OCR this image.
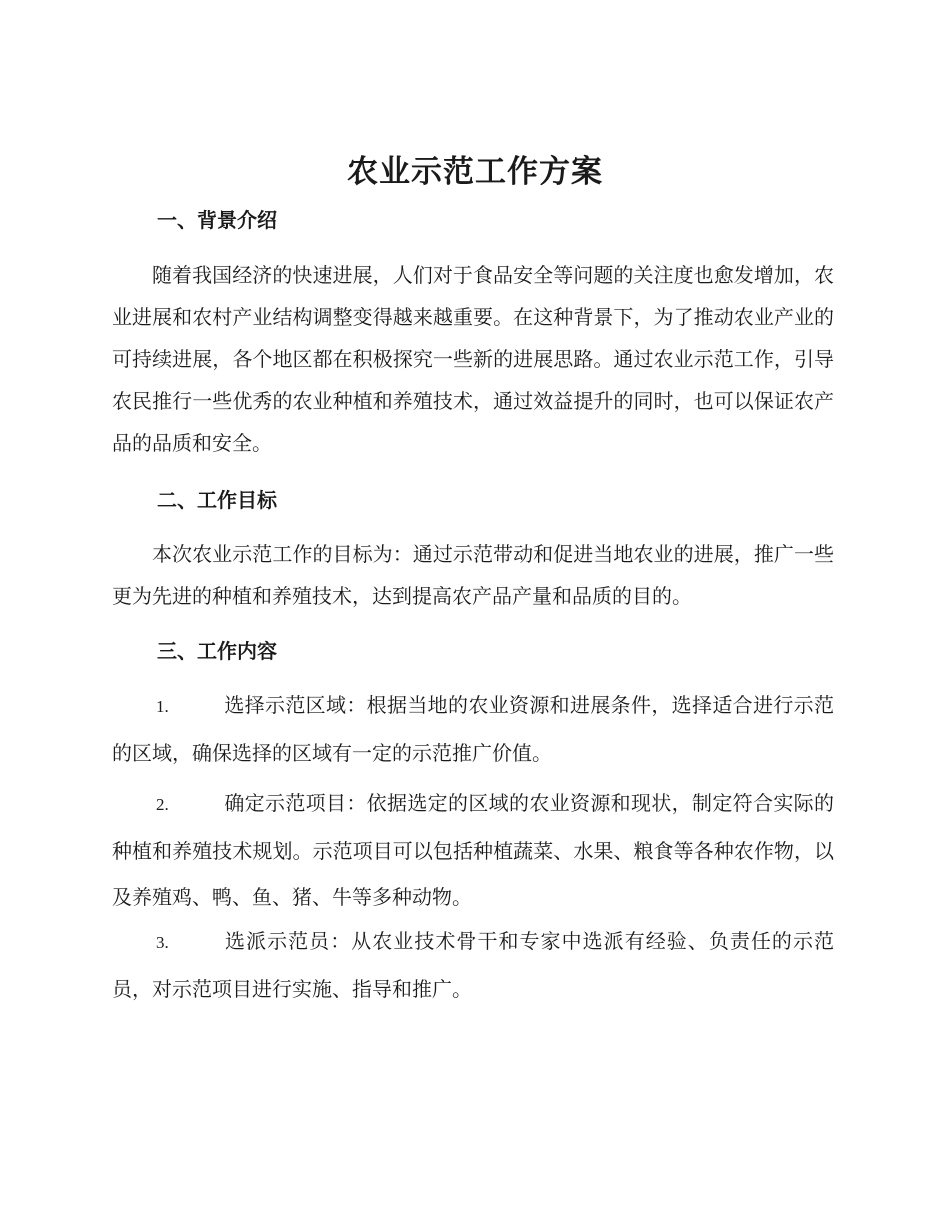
农业示范工作方案
一、背景介绍

随着我国经济的快速进展，人们对于食品安全等问题的关注度也愈发增加，农业进展和农村产业结构调整变得越来越重要。在这种背景下，为了推动农业产业的可持续进展，各个地区都在积极探究一些新的进展思路。通过农业示范工作，引导农民推行一些优秀的农业种植和养殖技术，通过效益提升的同时，也可以保证农产品的品质和安全。

二、工作目标

本次农业示范工作的目标为：通过示范带动和促进当地农业的进展，推广一些更为先进的种植和养殖技术，达到提高农产品产量和品质的目的。

三、工作内容

1.	选择示范区域：根据当地的农业资源和进展条件，选择适合进行示范的区域，确保选择的区域有一定的示范推广价值。

2.	确定示范项目：依据选定的区域的农业资源和现状，制定符合实际的种植和养殖技术规划。示范项目可以包括种植蔬菜、水果、粮食等各种农作物，以及养殖鸡、鸭、鱼、猪、牛等多种动物。

3.	选派示范员：从农业技术骨干和专家中选派有经验、负责任的示范员，对示范项目进行实施、指导和推广。
